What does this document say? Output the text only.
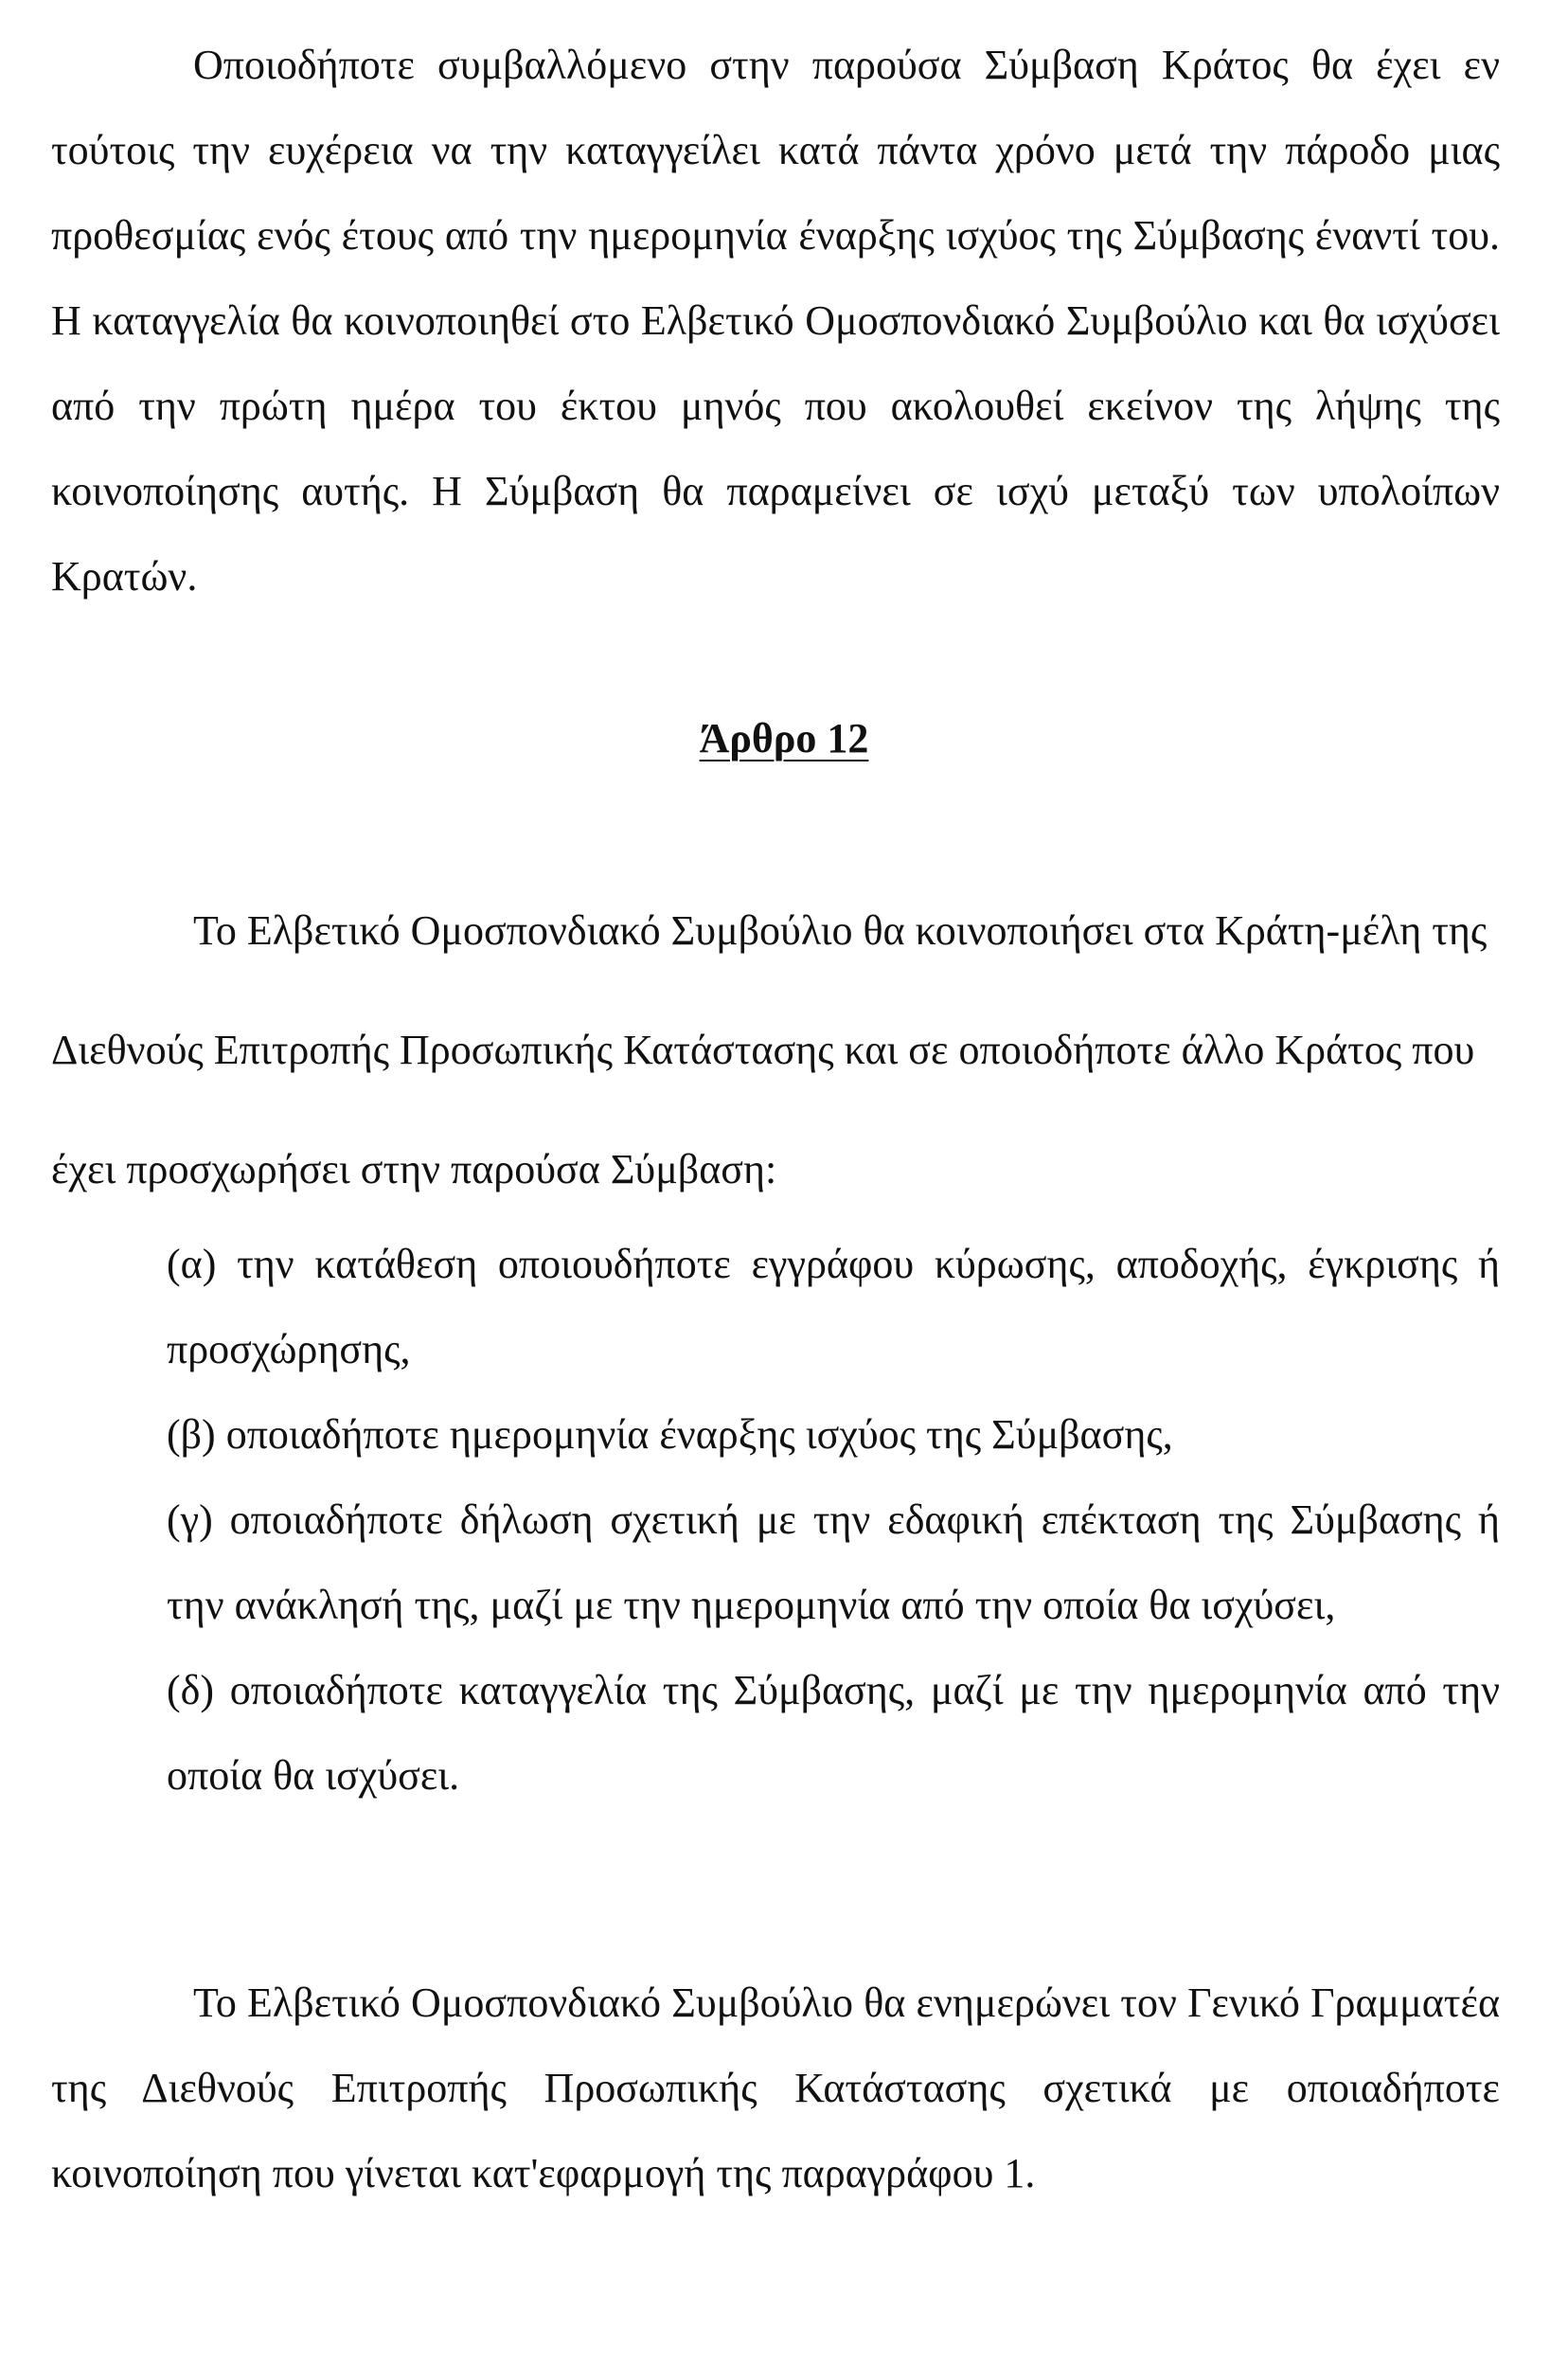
Οποιοδήποτε συμβαλλόμενο στην παρούσα Σύμβαση Κράτος θα έχει εν τούτοις την ευχέρεια να την καταγγείλει κατά πάντα χρόνο μετά την πάροδο μιας προθεσμίας ενός έτους από την ημερομηνία έναρξης ισχύος της Σύμβασης έναντί του. Η καταγγελία θα κοινοποιηθεί στο Ελβετικό Ομοσπονδιακό Συμβούλιο και θα ισχύσει από την πρώτη ημέρα του έκτου μηνός που ακολουθεί εκείνον της λήψης της κοινοποίησης αυτής. Η Σύμβαση θα παραμείνει σε ισχύ μεταξύ των υπολοίπων Κρατών.

Άρθρο 12

Το Ελβετικό Ομοσπονδιακό Συμβούλιο θα κοινοποιήσει στα Κράτη-μέλη της Διεθνούς Επιτροπής Προσωπικής Κατάστασης και σε οποιοδήποτε άλλο Κράτος που έχει προσχωρήσει στην παρούσα Σύμβαση:

(α) την κατάθεση οποιουδήποτε εγγράφου κύρωσης, αποδοχής, έγκρισης ή προσχώρησης,
(β) οποιαδήποτε ημερομηνία έναρξης ισχύος της Σύμβασης,
(γ) οποιαδήποτε δήλωση σχετική με την εδαφική επέκταση της Σύμβασης ή την ανάκλησή της, μαζί με την ημερομηνία από την οποία θα ισχύσει,
(δ) οποιαδήποτε καταγγελία της Σύμβασης, μαζί με την ημερομηνία από την οποία θα ισχύσει.

Το Ελβετικό Ομοσπονδιακό Συμβούλιο θα ενημερώνει τον Γενικό Γραμματέα της Διεθνούς Επιτροπής Προσωπικής Κατάστασης σχετικά με οποιαδήποτε κοινοποίηση που γίνεται κατ'εφαρμογή της παραγράφου 1.
